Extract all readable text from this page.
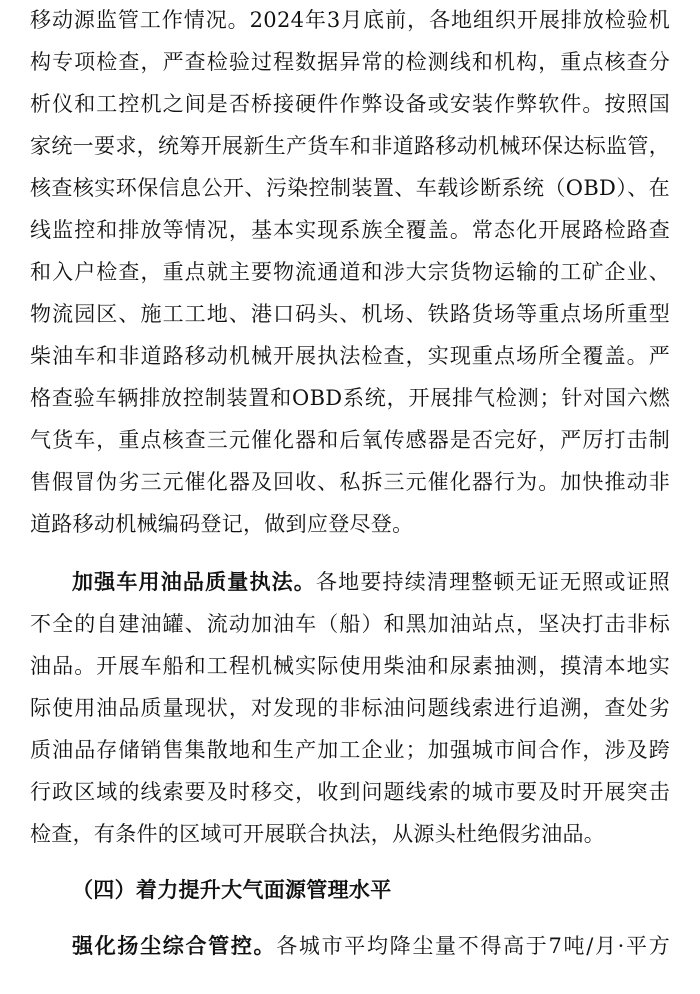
移动源监管工作情况。2024年3月底前，各地组织开展排放检验机
构专项检查，严查检验过程数据异常的检测线和机构，重点核查分
析仪和工控机之间是否桥接硬件作弊设备或安装作弊软件。按照国
家统一要求，统筹开展新生产货车和非道路移动机械环保达标监管，
核查核实环保信息公开、污染控制装置、车载诊断系统（OBD）、在
线监控和排放等情况，基本实现系族全覆盖。常态化开展路检路查
和入户检查，重点就主要物流通道和涉大宗货物运输的工矿企业、
物流园区、施工工地、港口码头、机场、铁路货场等重点场所重型
柴油车和非道路移动机械开展执法检查，实现重点场所全覆盖。严
格查验车辆排放控制装置和OBD系统，开展排气检测；针对国六燃
气货车，重点核查三元催化器和后氧传感器是否完好，严厉打击制
售假冒伪劣三元催化器及回收、私拆三元催化器行为。加快推动非
道路移动机械编码登记，做到应登尽登。
加强车用油品质量执法。各地要持续清理整顿无证无照或证照
不全的自建油罐、流动加油车（船）和黑加油站点，坚决打击非标
油品。开展车船和工程机械实际使用柴油和尿素抽测，摸清本地实
际使用油品质量现状，对发现的非标油问题线索进行追溯，查处劣
质油品存储销售集散地和生产加工企业；加强城市间合作，涉及跨
行政区域的线索要及时移交，收到问题线索的城市要及时开展突击
检查，有条件的区域可开展联合执法，从源头杜绝假劣油品。
（四）着力提升大气面源管理水平
强化扬尘综合管控。各城市平均降尘量不得高于7吨/月·平方
